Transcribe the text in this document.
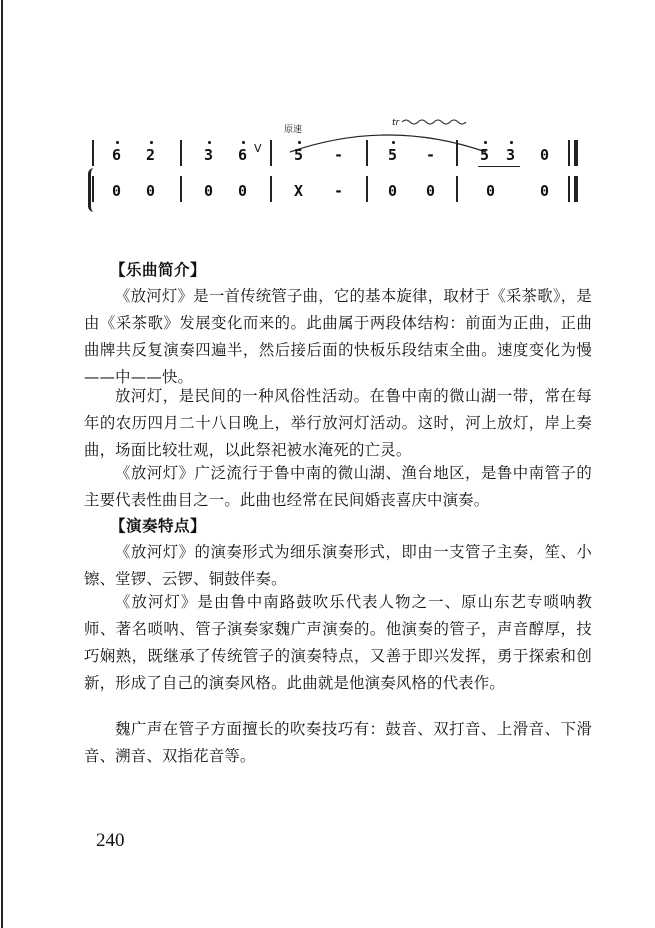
原速
tr
6 2	3 6 V 5 -	5 -	5 3 0
0 0	0 0	X -	0 0	0	0
【乐曲简介】

《放河灯》是一首传统管子曲，它的基本旋律，取材于《采茶歌》，是由《采茶歌》发展变化而来的。此曲属于两段体结构：前面为正曲，正曲曲牌共反复演奏四遍半，然后接后面的快板乐段结束全曲。速度变化为慢——中——快。

放河灯，是民间的一种风俗性活动。在鲁中南的微山湖一带，常在每年的农历四月二十八日晚上，举行放河灯活动。这时，河上放灯，岸上奏曲，场面比较壮观，以此祭祀被水淹死的亡灵。

《放河灯》广泛流行于鲁中南的微山湖、渔台地区，是鲁中南管子的主要代表性曲目之一。此曲也经常在民间婚丧喜庆中演奏。

【演奏特点】

《放河灯》的演奏形式为细乐演奏形式，即由一支管子主奏，笙、小镲、堂锣、云锣、铜鼓伴奏。

《放河灯》是由鲁中南路鼓吹乐代表人物之一、原山东艺专唢呐教师、著名唢呐、管子演奏家魏广声演奏的。他演奏的管子，声音醇厚，技巧娴熟，既继承了传统管子的演奏特点，又善于即兴发挥，勇于探索和创新，形成了自己的演奏风格。此曲就是他演奏风格的代表作。

魏广声在管子方面擅长的吹奏技巧有：鼓音、双打音、上滑音、下滑音、溯音、双指花音等。

240
